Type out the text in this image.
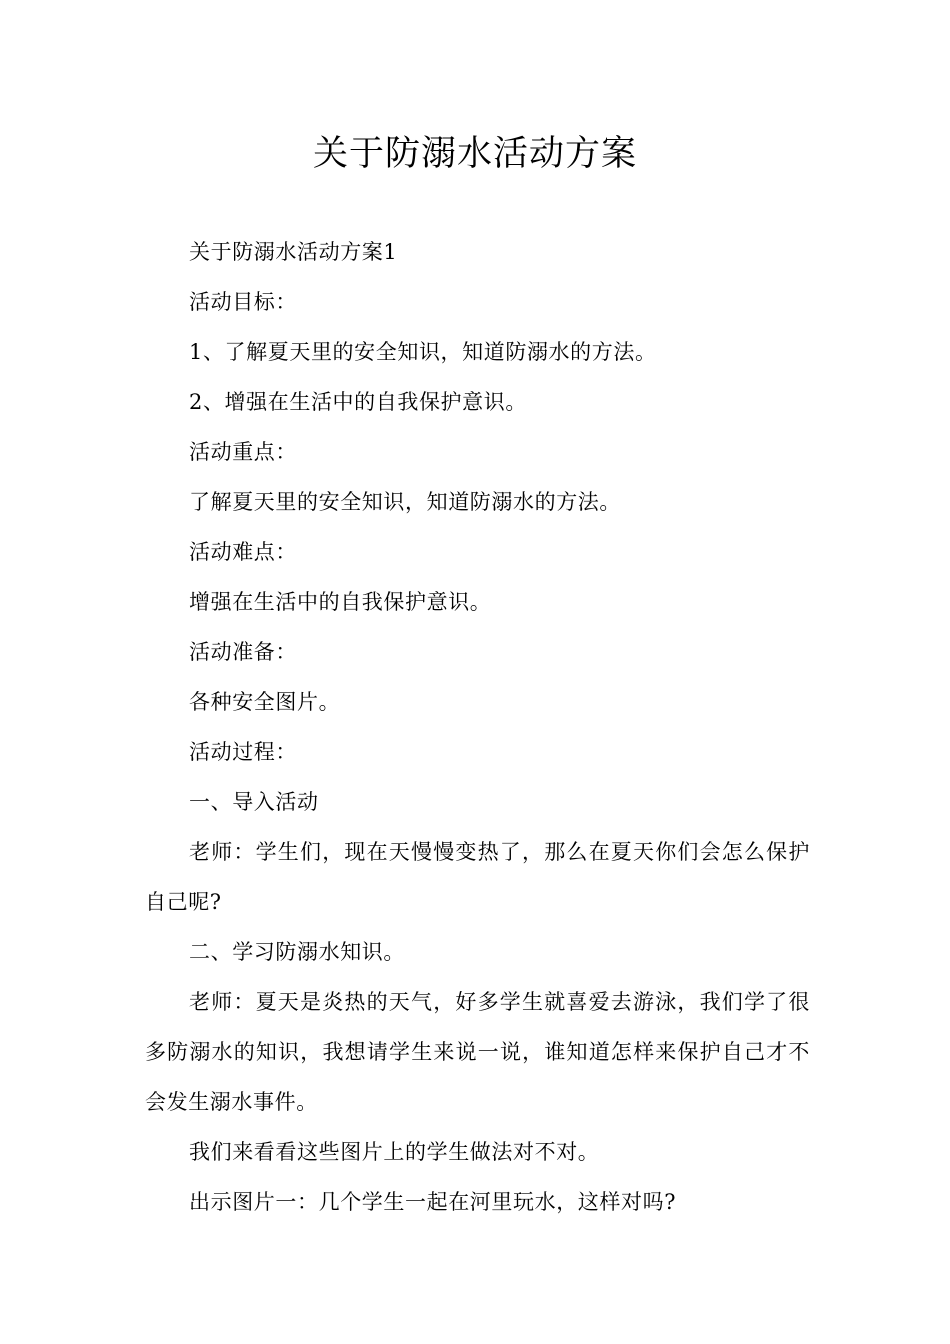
关于防溺水活动方案

关于防溺水活动方案1

活动目标：

1、了解夏天里的安全知识，知道防溺水的方法。

2、增强在生活中的自我保护意识。

活动重点：

了解夏天里的安全知识，知道防溺水的方法。

活动难点：

增强在生活中的自我保护意识。

活动准备：

各种安全图片。

活动过程：

一、导入活动

老师：学生们，现在天慢慢变热了，那么在夏天你们会怎么保护自己呢?

二、学习防溺水知识。

老师：夏天是炎热的天气，好多学生就喜爱去游泳，我们学了很多防溺水的知识，我想请学生来说一说，谁知道怎样来保护自己才不会发生溺水事件。

我们来看看这些图片上的学生做法对不对。

出示图片一：几个学生一起在河里玩水，这样对吗?
